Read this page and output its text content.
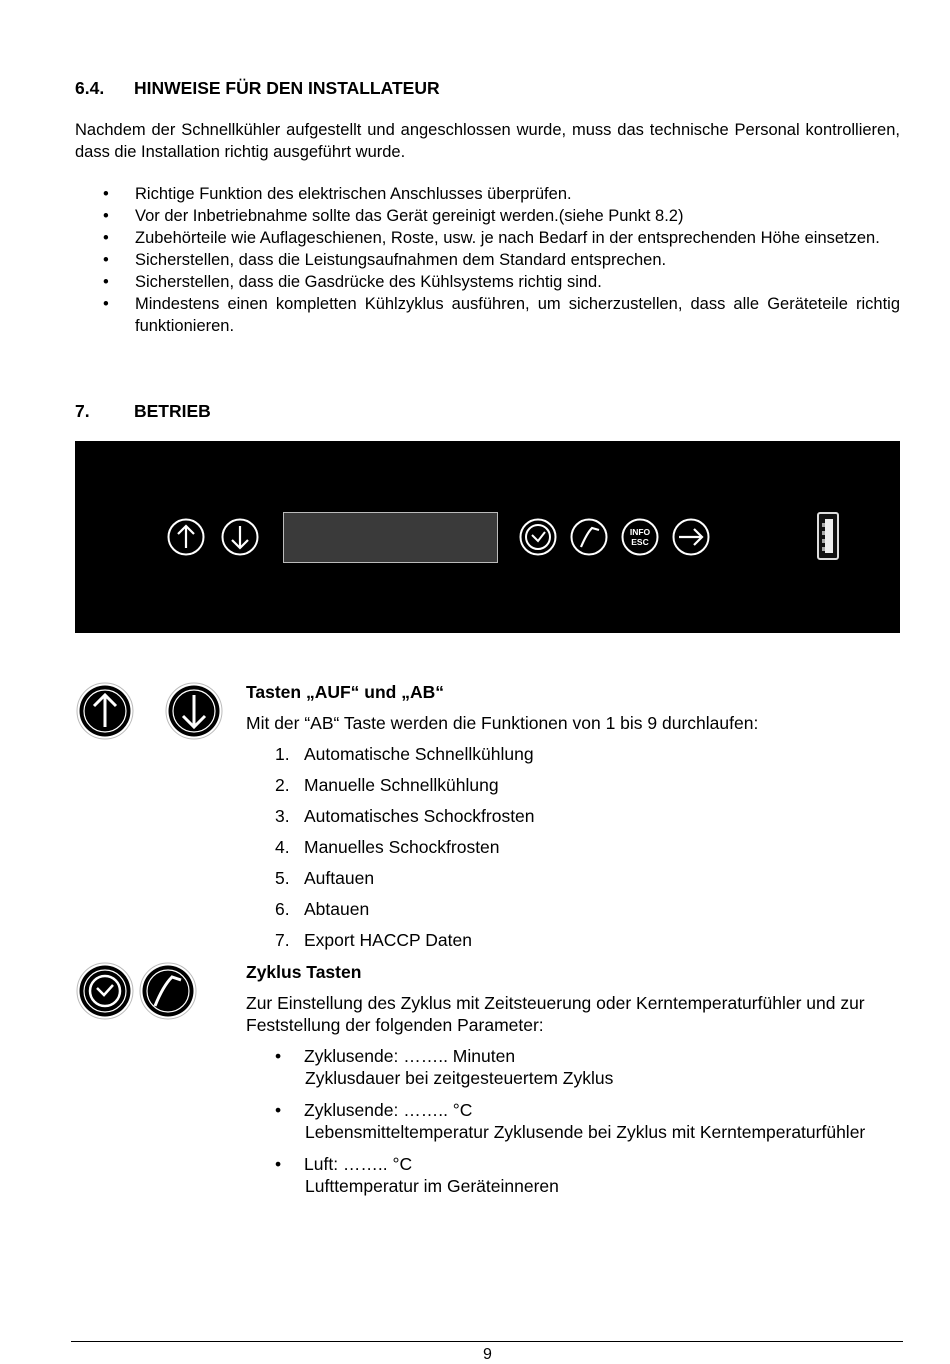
6.4. HINWEISE FÜR DEN INSTALLATEUR
Nachdem der Schnellkühler aufgestellt und angeschlossen wurde, muss das technische Personal kontrollieren, dass die Installation richtig ausgeführt wurde.
• Richtige Funktion des elektrischen Anschlusses überprüfen.
• Vor der Inbetriebnahme sollte das Gerät gereinigt werden.(siehe Punkt 8.2)
• Zubehörteile wie Auflageschienen, Roste, usw. je nach Bedarf in der entsprechenden Höhe einsetzen.
• Sicherstellen, dass die Leistungsaufnahmen dem Standard entsprechen.
• Sicherstellen, dass die Gasdrücke des Kühlsystems richtig sind.
• Mindestens einen kompletten Kühlzyklus ausführen, um sicherzustellen, dass alle Geräteteile richtig funktionieren.
7.	BETRIEB
INFO
ESC
Tasten „AUF“ und „AB“
Mit der “AB“ Taste werden die Funktionen von 1 bis 9 durchlaufen:
1. Automatische Schnellkühlung
2. Manuelle Schnellkühlung
3. Automatisches Schockfrosten
4. Manuelles Schockfrosten
5. Auftauen
6. Abtauen
7. Export HACCP Daten
Zyklus Tasten
Zur Einstellung des Zyklus mit Zeitsteuerung oder Kerntemperaturfühler und zur Feststellung der folgenden Parameter:
• Zyklusende: …….. Minuten
Zyklusdauer bei zeitgesteuertem Zyklus
• Zyklusende: …….. °C
Lebensmitteltemperatur Zyklusende bei Zyklus mit Kerntemperaturfühler
• Luft: …….. °C
Lufttemperatur im Geräteinneren
9
